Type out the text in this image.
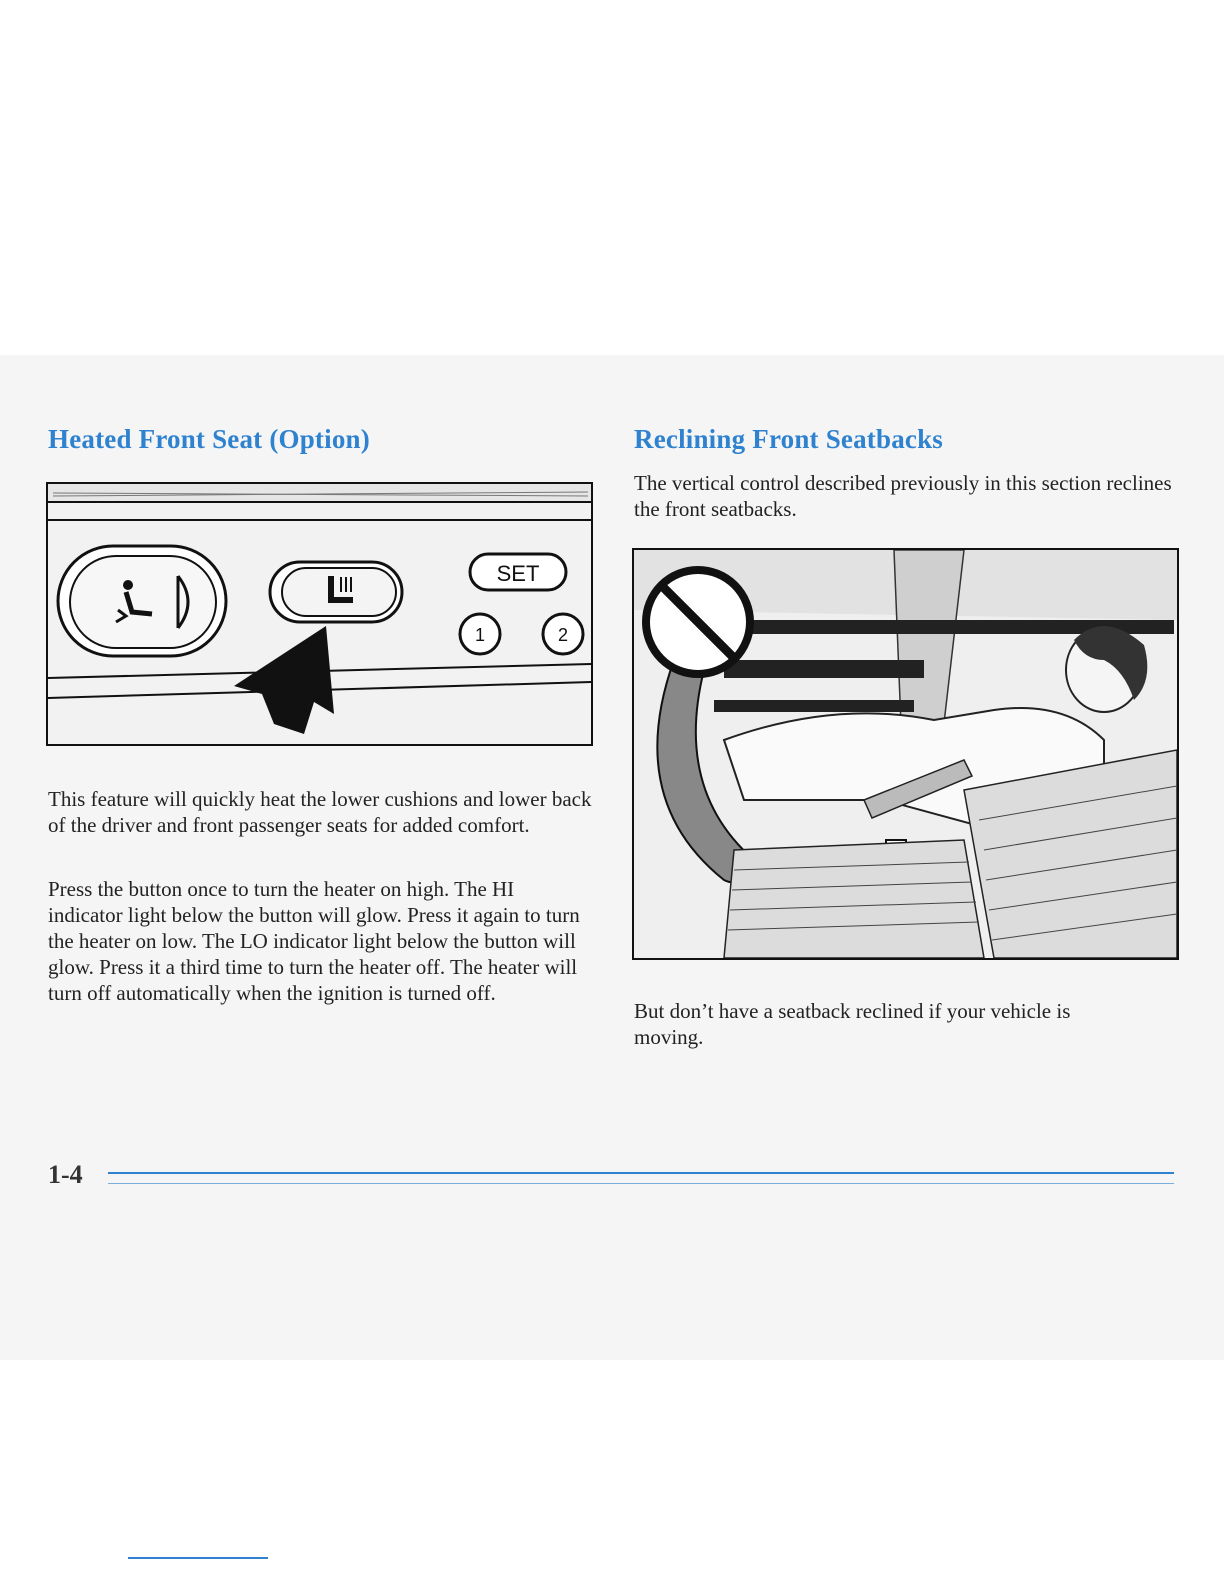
Heated Front Seat (Option)
SET
1	2

This feature will quickly heat the lower cushions and lower back of the driver and front passenger seats for added comfort.

Press the button once to turn the heater on high. The HI indicator light below the button will glow. Press it again to turn the heater on low. The LO indicator light below the button will glow. Press it a third time to turn the heater off. The heater will turn off automatically when the ignition is turned off.

Reclining Front Seatbacks

The vertical control described previously in this section reclines the front seatbacks.

But don’t have a seatback reclined if your vehicle is moving.

1-4
